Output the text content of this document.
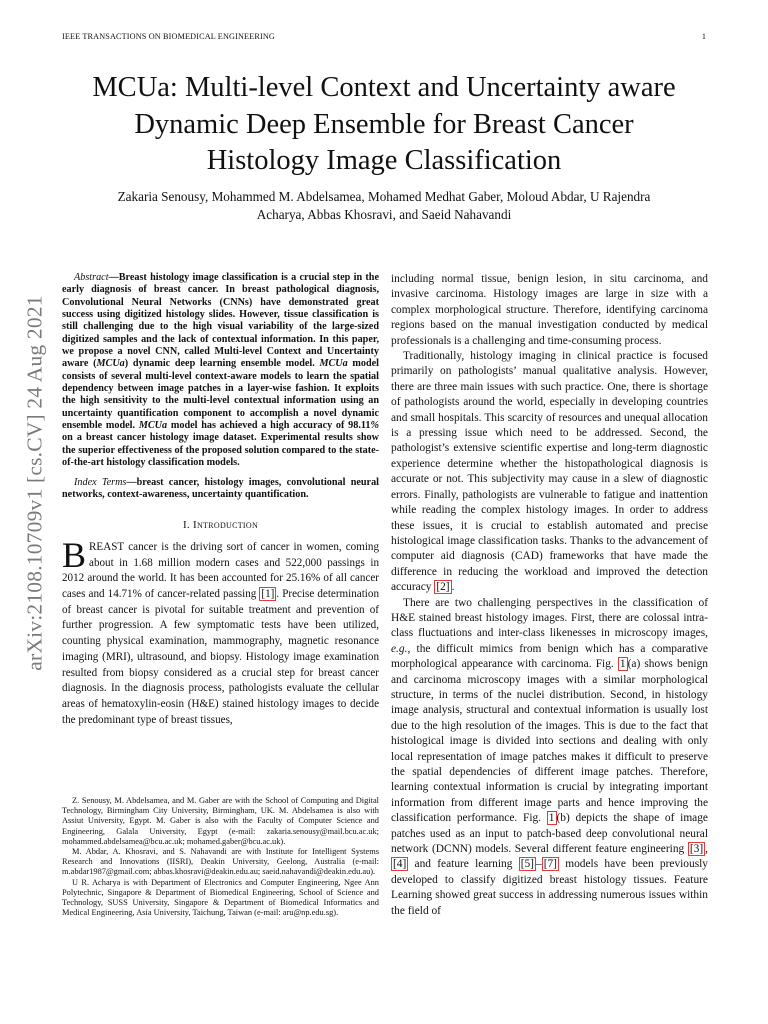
arXiv:2108.10709v1 [cs.CV] 24 Aug 2021
IEEE TRANSACTIONS ON BIOMEDICAL ENGINEERING	1
MCUa: Multi-level Context and Uncertainty aware
Dynamic Deep Ensemble for Breast Cancer
Histology Image Classification
Zakaria Senousy, Mohammed M. Abdelsamea, Mohamed Medhat Gaber, Moloud Abdar, U Rajendra
Acharya, Abbas Khosravi, and Saeid Nahavandi

Abstract—Breast histology image classification is a crucial step in the early diagnosis of breast cancer. In breast pathological diagnosis, Convolutional Neural Networks (CNNs) have demonstrated great success using digitized histology slides. However, tissue classification is still challenging due to the high visual variability of the large-sized digitized samples and the lack of contextual information. In this paper, we propose a novel CNN, called Multi-level Context and Uncertainty aware (MCUa) dynamic deep learning ensemble model. MCUa model consists of several multi-level context-aware models to learn the spatial dependency between image patches in a layer-wise fashion. It exploits the high sensitivity to the multi-level contextual information using an uncertainty quantification component to accomplish a novel dynamic ensemble model. MCUa model has achieved a high accuracy of 98.11% on a breast cancer histology image dataset. Experimental results show the superior effectiveness of the proposed solution compared to the state-of-the-art histology classification models.

Index Terms—breast cancer, histology images, convolutional neural networks, context-awareness, uncertainty quantification.

I. Introduction

BREAST cancer is the driving sort of cancer in women, coming about in 1.68 million modern cases and 522,000 passings in 2012 around the world. It has been accounted for 25.16% of all cancer cases and 14.71% of cancer-related passing [1] . Precise determination of breast cancer is pivotal for suitable treatment and prevention of further progression. A few symptomatic tests have been utilized, counting physical examination, mammography, magnetic resonance imaging (MRI), ultrasound, and biopsy. Histology image examination resulted from biopsy considered as a crucial step for breast cancer diagnosis. In the diagnosis process, pathologists evaluate the cellular areas of hematoxylin-eosin (H&E) stained histology images to decide the predominant type of breast tissues,

Z. Senousy, M. Abdelsamea, and M. Gaber are with the School of Computing and Digital Technology, Birmingham City University, Birmingham, UK. M. Abdelsamea is also with Assiut University, Egypt. M. Gaber is also with the Faculty of Computer Science and Engineering, Galala University, Egypt (e-mail: zakaria.senousy@mail.bcu.ac.uk; mohammed.abdelsamea@bcu.ac.uk; mohamed.gaber@bcu.ac.uk).

M. Abdar, A. Khosravi, and S. Nahavandi are with Institute for Intelligent Systems Research and Innovations (IISRI), Deakin University, Geelong, Australia (e-mail: m.abdar1987@gmail.com; abbas.khosravi@deakin.edu.au; saeid.nahavandi@deakin.edu.au).

U R. Acharya is with Department of Electronics and Computer Engineering, Ngee Ann Polytechnic, Singapore & Department of Biomedical Engineering, School of Science and Technology, SUSS University, Singapore & Department of Biomedical Informatics and Medical Engineering, Asia University, Taichung, Taiwan (e-mail: aru@np.edu.sg).

including normal tissue, benign lesion, in situ carcinoma, and invasive carcinoma. Histology images are large in size with a complex morphological structure. Therefore, identifying carcinoma regions based on the manual investigation conducted by medical professionals is a challenging and time-consuming process.

Traditionally, histology imaging in clinical practice is focused primarily on pathologists’ manual qualitative analysis. However, there are three main issues with such practice. One, there is shortage of pathologists around the world, especially in developing countries and small hospitals. This scarcity of resources and unequal allocation is a pressing issue which need to be addressed. Second, the pathologist’s extensive scientific expertise and long-term diagnostic experience determine whether the histopathological diagnosis is accurate or not. This subjectivity may cause in a slew of diagnostic errors. Finally, pathologists are vulnerable to fatigue and inattention while reading the complex histology images. In order to address these issues, it is crucial to establish automated and precise histological image classification tasks. Thanks to the advancement of computer aid diagnosis (CAD) frameworks that have made the difference in reducing the workload and improved the detection accuracy [2] .

There are two challenging perspectives in the classification of H&E stained breast histology images. First, there are colossal intra-class fluctuations and inter-class likenesses in microscopy images, e.g., the difficult mimics from benign which has a comparative morphological appearance with carcinoma. Fig. 1 (a) shows benign and carcinoma microscopy images with a similar morphological structure, in terms of the nuclei distribution. Second, in histology image analysis, structural and contextual information is usually lost due to the high resolution of the images. This is due to the fact that histological image is divided into sections and dealing with only local representation of image patches makes it difficult to preserve the spatial dependencies of different image patches. Therefore, learning contextual information is crucial by integrating important information from different image parts and hence improving the classification performance. Fig. 1 (b) depicts the shape of image patches used as an input to patch-based deep convolutional neural network (DCNN) models. Several different feature engineering [3] , [4] and feature learning [5] – [7] models have been previously developed to classify digitized breast histology tissues. Feature Learning showed great success in addressing numerous issues within the field of
